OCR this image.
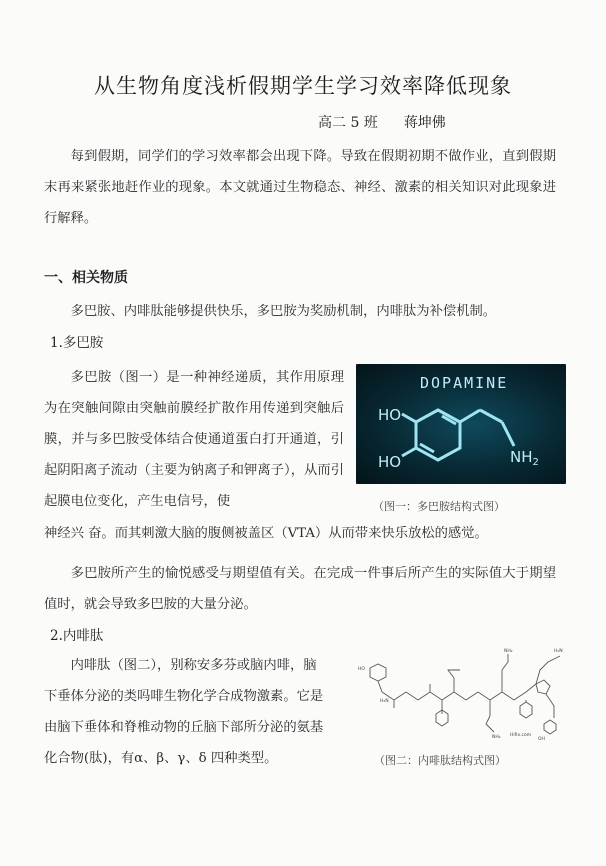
从生物角度浅析假期学生学习效率降低现象
高二 5 班 蒋坤佛
每到假期，同学们的学习效率都会出现下降。导致在假期初期不做作业，直到假期末再来紧张地赶作业的现象。本文就通过生物稳态、神经、激素的相关知识对此现象进行解释。
一、相关物质
多巴胺、内啡肽能够提供快乐，多巴胺为奖励机制，内啡肽为补偿机制。
1.多巴胺
多巴胺（图一）是一种神经递质，其作用原理为在突触间隙由突触前膜经扩散作用传递到突触后膜，并与多巴胺受体结合使通道蛋白打开通道，引起阴阳离子流动（主要为钠离子和钾离子），从而引起膜电位变化，产生电信号，使
DOPAMINE
HO
HO	$NH_2$
（图一：多巴胺结构式图）
神经兴 奋。而其刺激大脑的腹侧被盖区（VTA）从而带来快乐放松的感觉。
多巴胺所产生的愉悦感受与期望值有关。在完成一件事后所产生的实际值大于期望值时，就会导致多巴胺的大量分泌。
2.内啡肽
内啡肽（图二），别称安多芬或脑内啡，脑下垂体分泌的类吗啡生物化学合成物激素。它是由脑下垂体和脊椎动物的丘脑下部所分泌的氨基化合物(肽)，有α、β、γ、δ 四种类型。
HO
H₂N
NH₂
NH₂	H₂N
OH
Hifix.com
（图二：内啡肽结构式图）
